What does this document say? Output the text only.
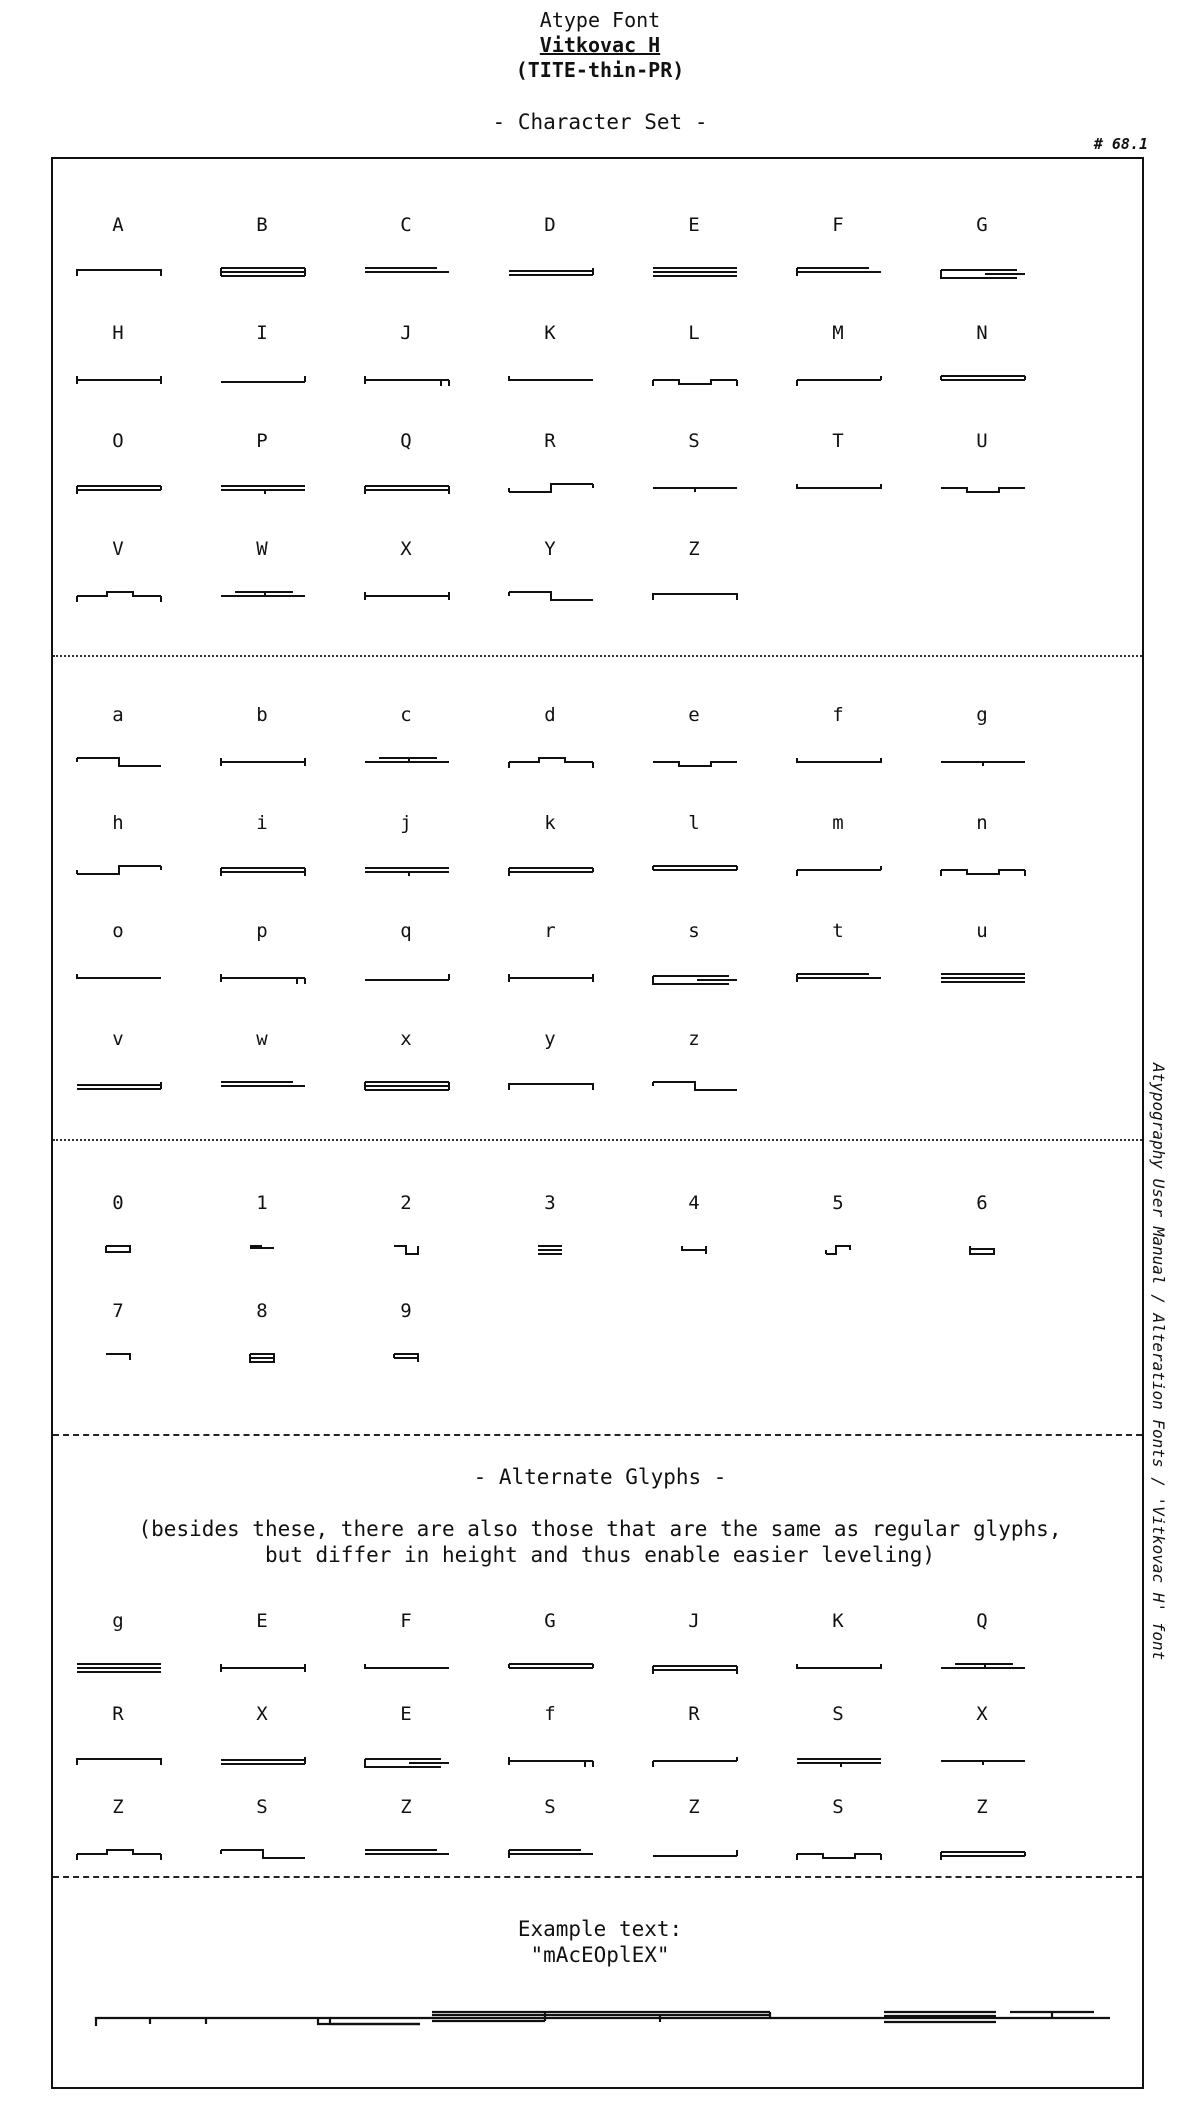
Atype Font
Vitkovac H
(TITE-thin-PR)
- Character Set -
# 68.1
- Alternate Glyphs -
(besides these, there are also those that are the same as regular glyphs,
but differ in height and thus enable easier leveling)
Example text:
"mAcEOplEX"
Atypography User Manual / Alteration Fonts / 'Vitkovac H' font
A	B	C	D	E	F	G
H	I	J	K	L	M	N
O	P	Q	R	S	T	U
V	W	X	Y	Z
a	b	c	d	e	f	g
h	i	j	k	l	m	n
o	p	q	r	s	t	u
v	w	x	y	z
0	1	2	3	4	5	6
7	8	9
g	E	F	G	J	K	Q
R	X	E	f	R	S	X
Z	S	Z	S	Z	S	Z
